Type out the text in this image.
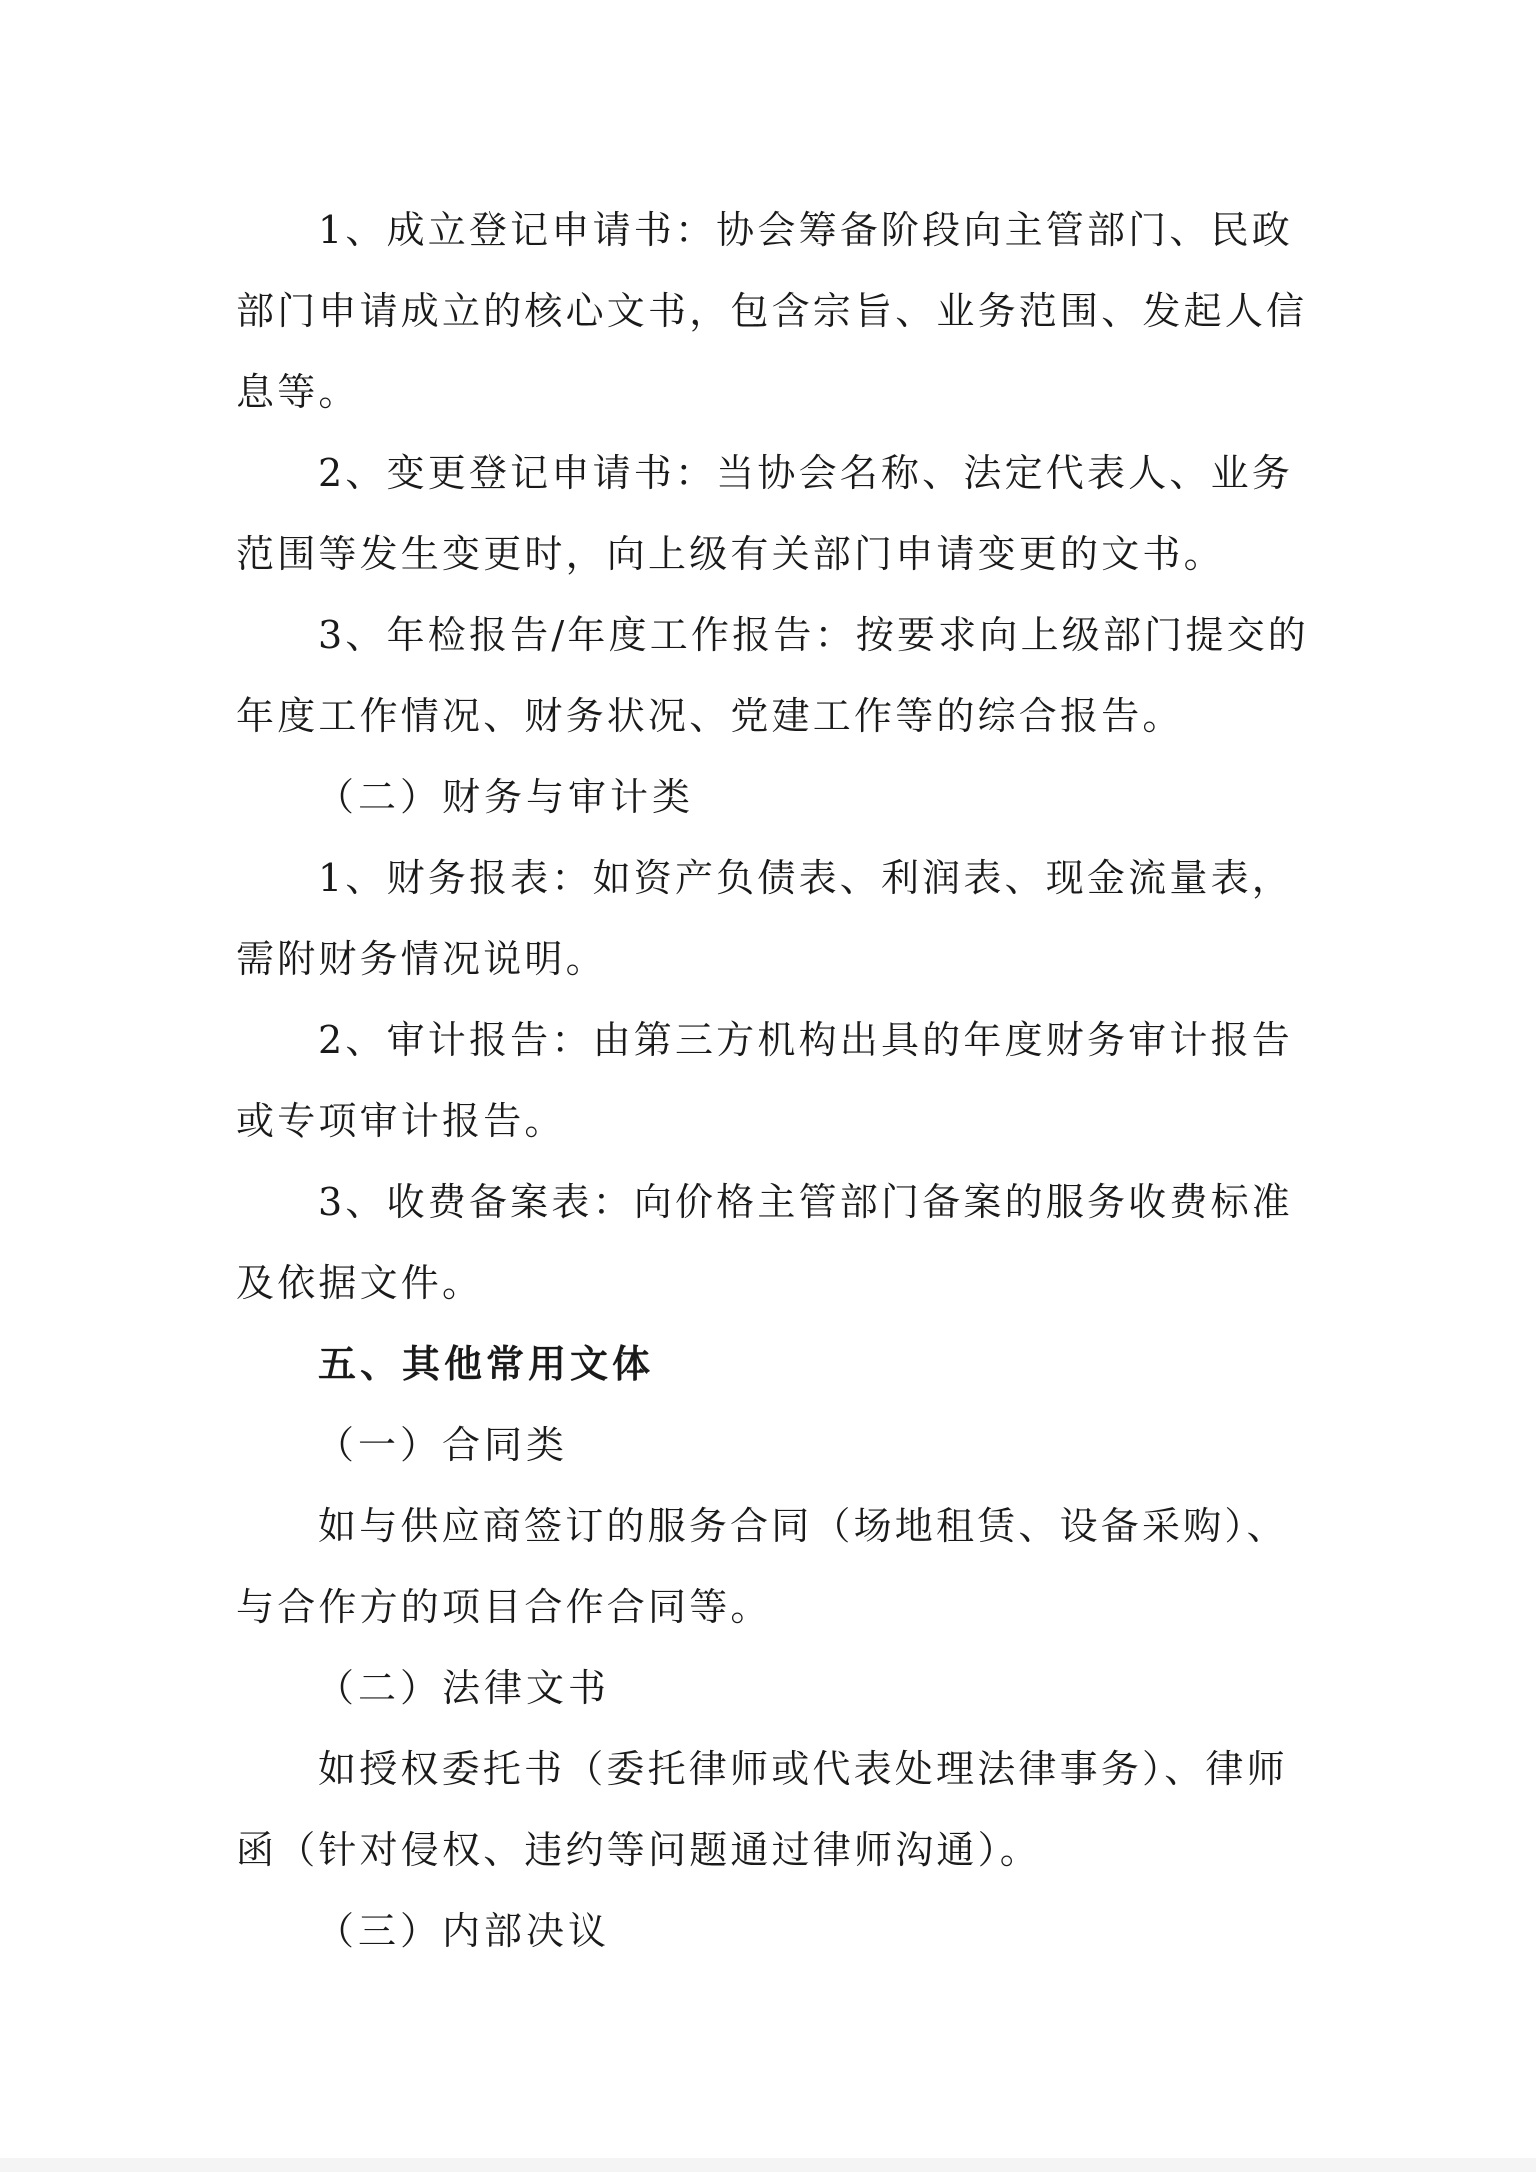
1、成立登记申请书：协会筹备阶段向主管部门、民政
部门申请成立的核心文书，包含宗旨、业务范围、发起人信
息等。
2、变更登记申请书：当协会名称、法定代表人、业务
范围等发生变更时，向上级有关部门申请变更的文书。
3、年检报告/年度工作报告：按要求向上级部门提交的
年度工作情况、财务状况、党建工作等的综合报告。
（二）财务与审计类
1、财务报表：如资产负债表、利润表、现金流量表，
需附财务情况说明。
2、审计报告：由第三方机构出具的年度财务审计报告
或专项审计报告。
3、收费备案表：向价格主管部门备案的服务收费标准
及依据文件。
五、其他常用文体
（一）合同类
如与供应商签订的服务合同（场地租赁、设备采购）、
与合作方的项目合作合同等。
（二）法律文书
如授权委托书（委托律师或代表处理法律事务）、律师
函（针对侵权、违约等问题通过律师沟通）。
（三）内部决议
